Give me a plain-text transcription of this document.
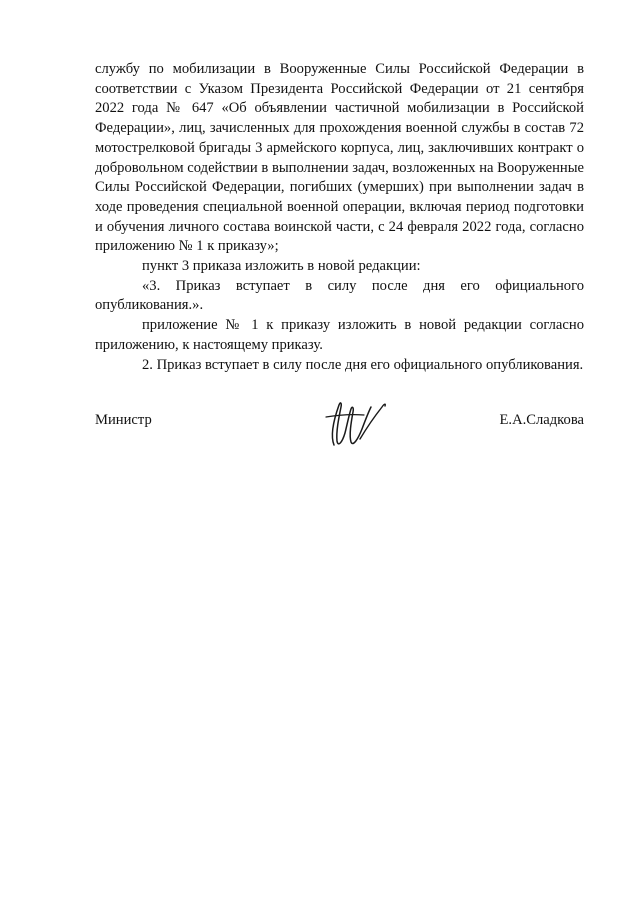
службу по мобилизации в Вооруженные Силы Российской Федерации в соответствии с Указом Президента Российской Федерации от 21 сентября 2022 года № 647 «Об объявлении частичной мобилизации в Российской Федерации», лиц, зачисленных для прохождения военной службы в состав 72 мотострелковой бригады 3 армейского корпуса, лиц, заключивших контракт о добровольном содействии в выполнении задач, возложенных на Вооруженные Силы Российской Федерации, погибших (умерших) при выполнении задач в ходе проведения специальной военной операции, включая период подготовки и обучения личного состава воинской части, с 24 февраля 2022 года, согласно приложению № 1 к приказу»;

пункт 3 приказа изложить в новой редакции:

«3. Приказ вступает в силу после дня его официального опубликования.».

приложение № 1 к приказу изложить в новой редакции согласно приложению, к настоящему приказу.

2. Приказ вступает в силу после дня его официального опубликования.

Министр	Е.А.Сладкова
